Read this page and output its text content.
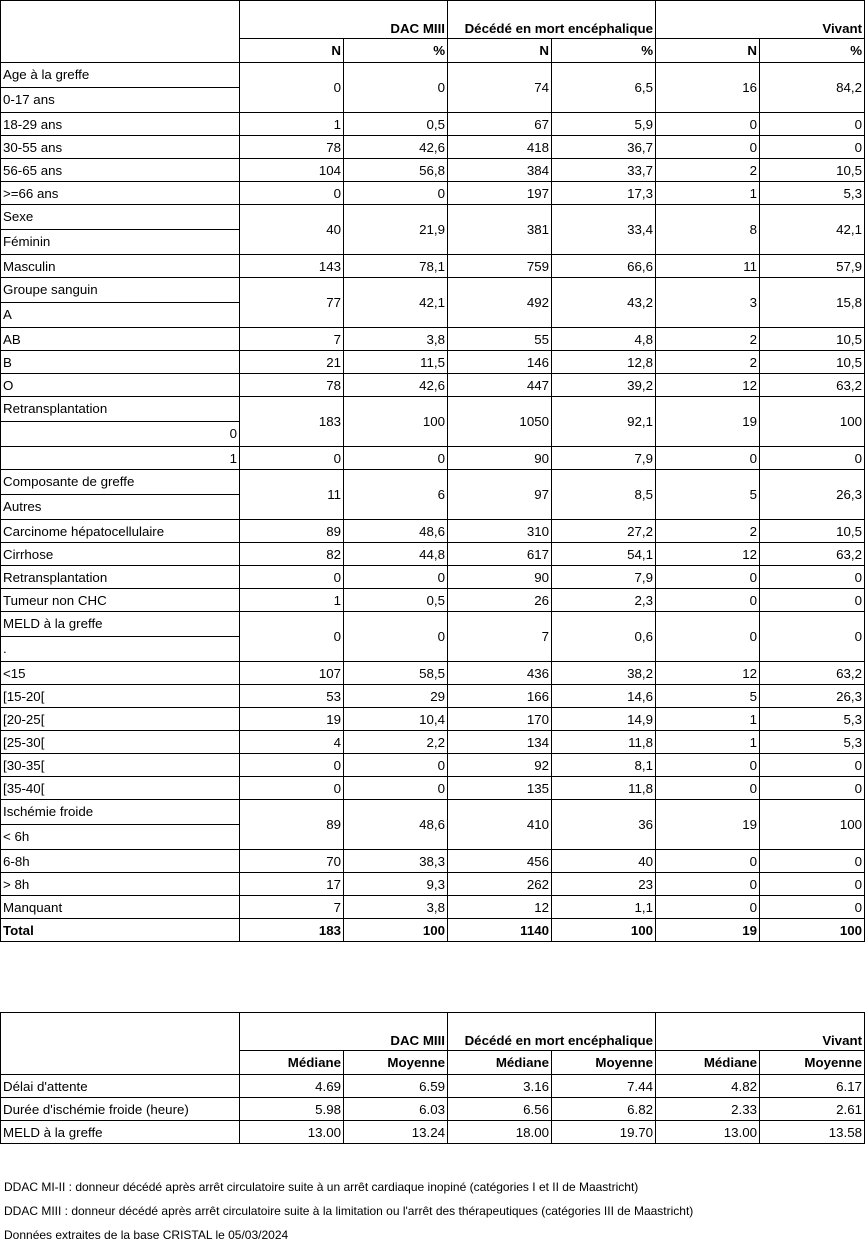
	DAC MIII		Décédé en mort encéphalique		Vivant	
	N	%	N	%	N	%

Age à la greffe
0-17 ans	0	0	74	6,5	16	84,2
18-29 ans	1	0,5	67	5,9	0	0
30-55 ans	78	42,6	418	36,7	0	0
56-65 ans	104	56,8	384	33,7	2	10,5
>=66 ans	0	0	197	17,3	1	5,3

Sexe
Féminin	40	21,9	381	33,4	8	42,1
Masculin	143	78,1	759	66,6	11	57,9

Groupe sanguin
A	77	42,1	492	43,2	3	15,8
AB	7	3,8	55	4,8	2	10,5
B	21	11,5	146	12,8	2	10,5
O	78	42,6	447	39,2	12	63,2

Retransplantation
0	183	100	1050	92,1	19	100
1	0	0	90	7,9	0	0

Composante de greffe
Autres	11	6	97	8,5	5	26,3
Carcinome hépatocellulaire	89	48,6	310	27,2	2	10,5
Cirrhose	82	44,8	617	54,1	12	63,2
Retransplantation	0	0	90	7,9	0	0
Tumeur non CHC	1	0,5	26	2,3	0	0

MELD à la greffe
.	0	0	7	0,6	0	0
<15	107	58,5	436	38,2	12	63,2
[15-20[	53	29	166	14,6	5	26,3
[20-25[	19	10,4	170	14,9	1	5,3
[25-30[	4	2,2	134	11,8	1	5,3
[30-35[	0	0	92	8,1	0	0
[35-40[	0	0	135	11,8	0	0

Ischémie froide
< 6h	89	48,6	410	36	19	100
6-8h	70	38,3	456	40	0	0
> 8h	17	9,3	262	23	0	0
Manquant	7	3,8	12	1,1	0	0
Total	183	100	1140	100	19	100
	DAC MIII		Décédé en mort encéphalique		Vivant	
	Médiane	Moyenne	Médiane	Moyenne	Médiane	Moyenne
Délai d'attente	4.69	6.59	3.16	7.44	4.82	6.17
Durée d'ischémie froide (heure)	5.98	6.03	6.56	6.82	2.33	2.61
MELD à la greffe	13.00	13.24	18.00	19.70	13.00	13.58
DDAC MI-II : donneur décédé après arrêt circulatoire suite à un arrêt cardiaque inopiné (catégories I et II de Maastricht)
DDAC MIII : donneur décédé après arrêt circulatoire suite à la limitation ou l'arrêt des thérapeutiques (catégories III de Maastricht)
Données extraites de la base CRISTAL le 05/03/2024
